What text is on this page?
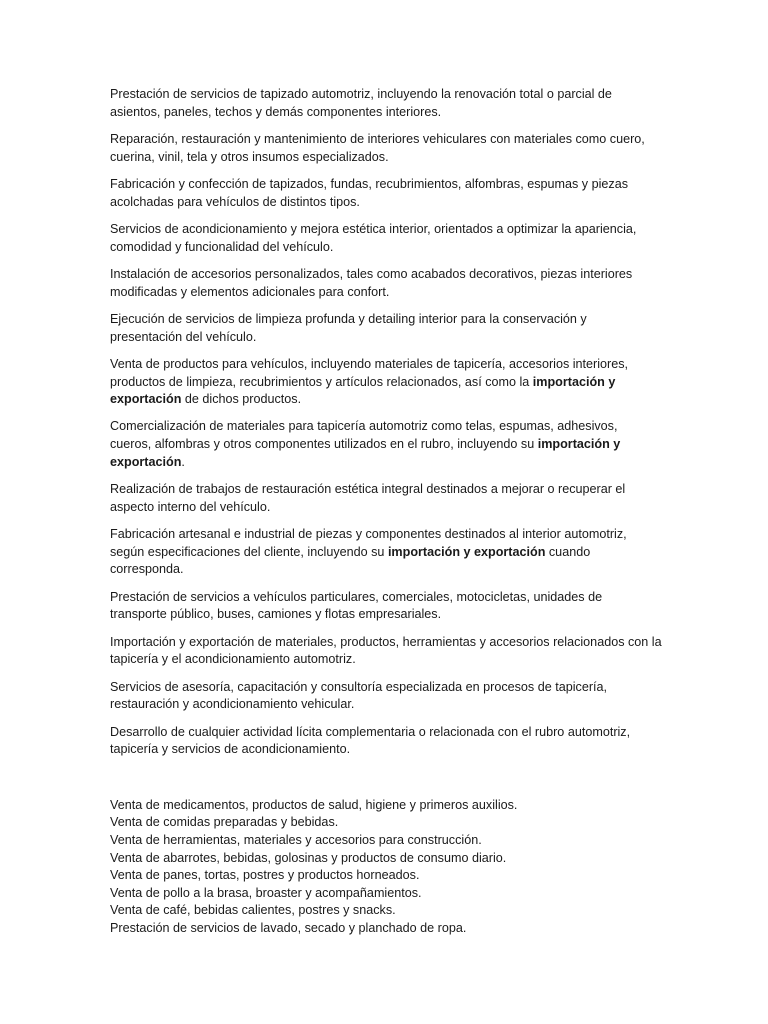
Prestación de servicios de tapizado automotriz, incluyendo la renovación total o parcial de asientos, paneles, techos y demás componentes interiores.

Reparación, restauración y mantenimiento de interiores vehiculares con materiales como cuero, cuerina, vinil, tela y otros insumos especializados.

Fabricación y confección de tapizados, fundas, recubrimientos, alfombras, espumas y piezas acolchadas para vehículos de distintos tipos.

Servicios de acondicionamiento y mejora estética interior, orientados a optimizar la apariencia, comodidad y funcionalidad del vehículo.

Instalación de accesorios personalizados, tales como acabados decorativos, piezas interiores modificadas y elementos adicionales para confort.

Ejecución de servicios de limpieza profunda y detailing interior para la conservación y presentación del vehículo.

Venta de productos para vehículos, incluyendo materiales de tapicería, accesorios interiores, productos de limpieza, recubrimientos y artículos relacionados, así como la importación y exportación de dichos productos.

Comercialización de materiales para tapicería automotriz como telas, espumas, adhesivos, cueros, alfombras y otros componentes utilizados en el rubro, incluyendo su importación y exportación.

Realización de trabajos de restauración estética integral destinados a mejorar o recuperar el aspecto interno del vehículo.

Fabricación artesanal e industrial de piezas y componentes destinados al interior automotriz, según especificaciones del cliente, incluyendo su importación y exportación cuando corresponda.

Prestación de servicios a vehículos particulares, comerciales, motocicletas, unidades de transporte público, buses, camiones y flotas empresariales.

Importación y exportación de materiales, productos, herramientas y accesorios relacionados con la tapicería y el acondicionamiento automotriz.

Servicios de asesoría, capacitación y consultoría especializada en procesos de tapicería, restauración y acondicionamiento vehicular.

Desarrollo de cualquier actividad lícita complementaria o relacionada con el rubro automotriz, tapicería y servicios de acondicionamiento.

Venta de medicamentos, productos de salud, higiene y primeros auxilios.
Venta de comidas preparadas y bebidas.
Venta de herramientas, materiales y accesorios para construcción.
Venta de abarrotes, bebidas, golosinas y productos de consumo diario.
Venta de panes, tortas, postres y productos horneados.
Venta de pollo a la brasa, broaster y acompañamientos.
Venta de café, bebidas calientes, postres y snacks.
Prestación de servicios de lavado, secado y planchado de ropa.
